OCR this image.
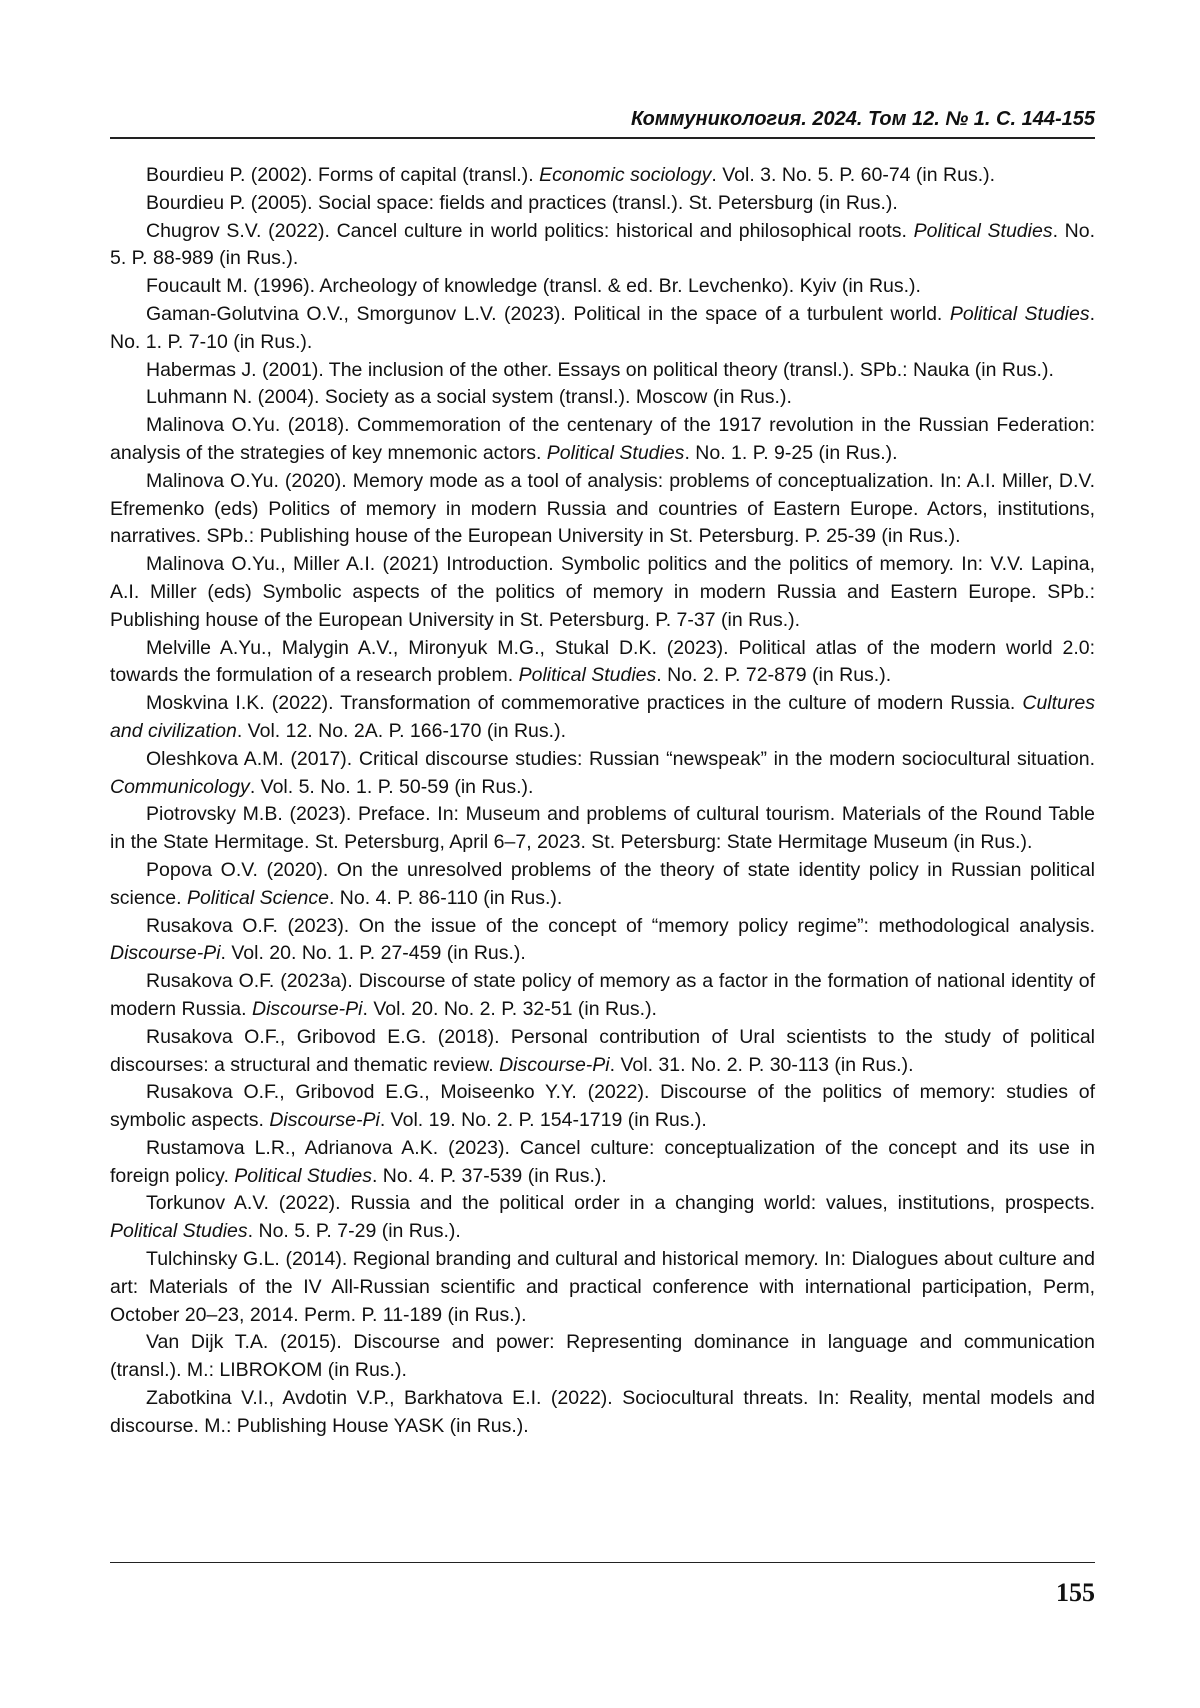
Коммуникология. 2024. Том 12. № 1. С. 144-155

Bourdieu P. (2002). Forms of capital (transl.). Economic sociology. Vol. 3. No. 5. P. 60-74 (in Rus.).

Bourdieu P. (2005). Social space: fields and practices (transl.). St. Petersburg (in Rus.).

Chugrov S.V. (2022). Cancel culture in world politics: historical and philosophical roots. Political Studies. No. 5. P. 88-989 (in Rus.).

Foucault M. (1996). Archeology of knowledge (transl. & ed. Br. Levchenko). Kyiv (in Rus.).

Gaman-Golutvina O.V., Smorgunov L.V. (2023). Political in the space of a turbulent world. Political Studies. No. 1. P. 7-10 (in Rus.).

Habermas J. (2001). The inclusion of the other. Essays on political theory (transl.). SPb.: Nauka (in Rus.).

Luhmann N. (2004). Society as a social system (transl.). Moscow (in Rus.).

Malinova O.Yu. (2018). Commemoration of the centenary of the 1917 revolution in the Russian Federation: analysis of the strategies of key mnemonic actors. Political Studies. No. 1. P. 9-25 (in Rus.).

Malinova O.Yu. (2020). Memory mode as a tool of analysis: problems of conceptualization. In: A.I. Miller, D.V. Efremenko (eds) Politics of memory in modern Russia and countries of Eastern Europe. Actors, institutions, narratives. SPb.: Publishing house of the European University in St. Petersburg. P. 25-39 (in Rus.).

Malinova O.Yu., Miller A.I. (2021) Introduction. Symbolic politics and the politics of memory. In: V.V. Lapina, A.I. Miller (eds) Symbolic aspects of the politics of memory in modern Russia and Eastern Europe. SPb.: Publishing house of the European University in St. Petersburg. P. 7-37 (in Rus.).

Melville A.Yu., Malygin A.V., Mironyuk M.G., Stukal D.K. (2023). Political atlas of the modern world 2.0: towards the formulation of a research problem. Political Studies. No. 2. P. 72-879 (in Rus.).

Moskvina I.K. (2022). Transformation of commemorative practices in the culture of modern Russia. Cultures and civilization. Vol. 12. No. 2A. P. 166-170 (in Rus.).

Oleshkova A.M. (2017). Critical discourse studies: Russian “newspeak” in the modern sociocultural situation. Communicology. Vol. 5. No. 1. P. 50-59 (in Rus.).

Piotrovsky M.B. (2023). Preface. In: Museum and problems of cultural tourism. Materials of the Round Table in the State Hermitage. St. Petersburg, April 6–7, 2023. St. Petersburg: State Hermitage Museum (in Rus.).

Popova O.V. (2020). On the unresolved problems of the theory of state identity policy in Russian political science. Political Science. No. 4. P. 86-110 (in Rus.).

Rusakova O.F. (2023). On the issue of the concept of “memory policy regime”: methodological analysis. Discourse-Pi. Vol. 20. No. 1. P. 27-459 (in Rus.).

Rusakova O.F. (2023a). Discourse of state policy of memory as a factor in the formation of national identity of modern Russia. Discourse-Pi. Vol. 20. No. 2. P. 32-51 (in Rus.).

Rusakova O.F., Gribovod E.G. (2018). Personal contribution of Ural scientists to the study of political discourses: a structural and thematic review. Discourse-Pi. Vol. 31. No. 2. P. 30-113 (in Rus.).

Rusakova O.F., Gribovod E.G., Moiseenko Y.Y. (2022). Discourse of the politics of memory: studies of symbolic aspects. Discourse-Pi. Vol. 19. No. 2. P. 154-1719 (in Rus.).

Rustamova L.R., Adrianova A.K. (2023). Cancel culture: conceptualization of the concept and its use in foreign policy. Political Studies. No. 4. P. 37-539 (in Rus.).

Torkunov A.V. (2022). Russia and the political order in a changing world: values, institutions, prospects. Political Studies. No. 5. P. 7-29 (in Rus.).

Tulchinsky G.L. (2014). Regional branding and cultural and historical memory. In: Dialogues about culture and art: Materials of the IV All-Russian scientific and practical conference with international participation, Perm, October 20–23, 2014. Perm. P. 11-189 (in Rus.).

Van Dijk T.A. (2015). Discourse and power: Representing dominance in language and communication (transl.). M.: LIBROKOM (in Rus.).

Zabotkina V.I., Avdotin V.P., Barkhatova E.I. (2022). Sociocultural threats. In: Reality, mental models and discourse. M.: Publishing House YASK (in Rus.).

155
